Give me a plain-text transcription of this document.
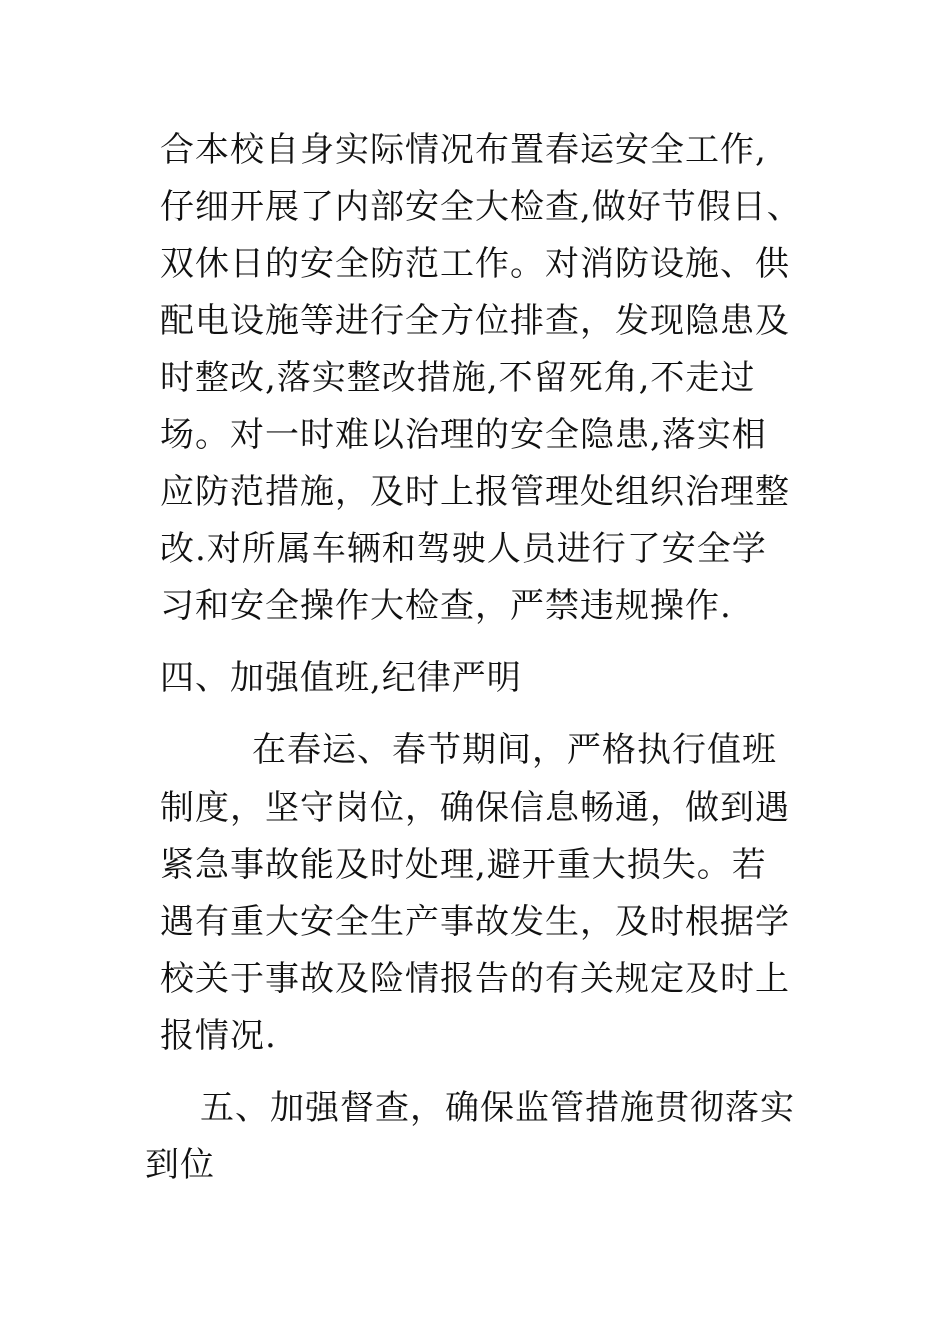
合本校自身实际情况布置春运安全工作,
仔细开展了内部安全大检查,做好节假日、
双休日的安全防范工作。对消防设施、供
配电设施等进行全方位排查，发现隐患及
时整改,落实整改措施,不留死角,不走过
场。对一时难以治理的安全隐患,落实相
应防范措施，及时上报管理处组织治理整
改.对所属车辆和驾驶人员进行了安全学
习和安全操作大检查，严禁违规操作.
四、加强值班,纪律严明
在春运、春节期间，严格执行值班
制度，坚守岗位，确保信息畅通，做到遇
紧急事故能及时处理,避开重大损失。若
遇有重大安全生产事故发生，及时根据学
校关于事故及险情报告的有关规定及时上
报情况.
五、加强督查，确保监管措施贯彻落实
到位
